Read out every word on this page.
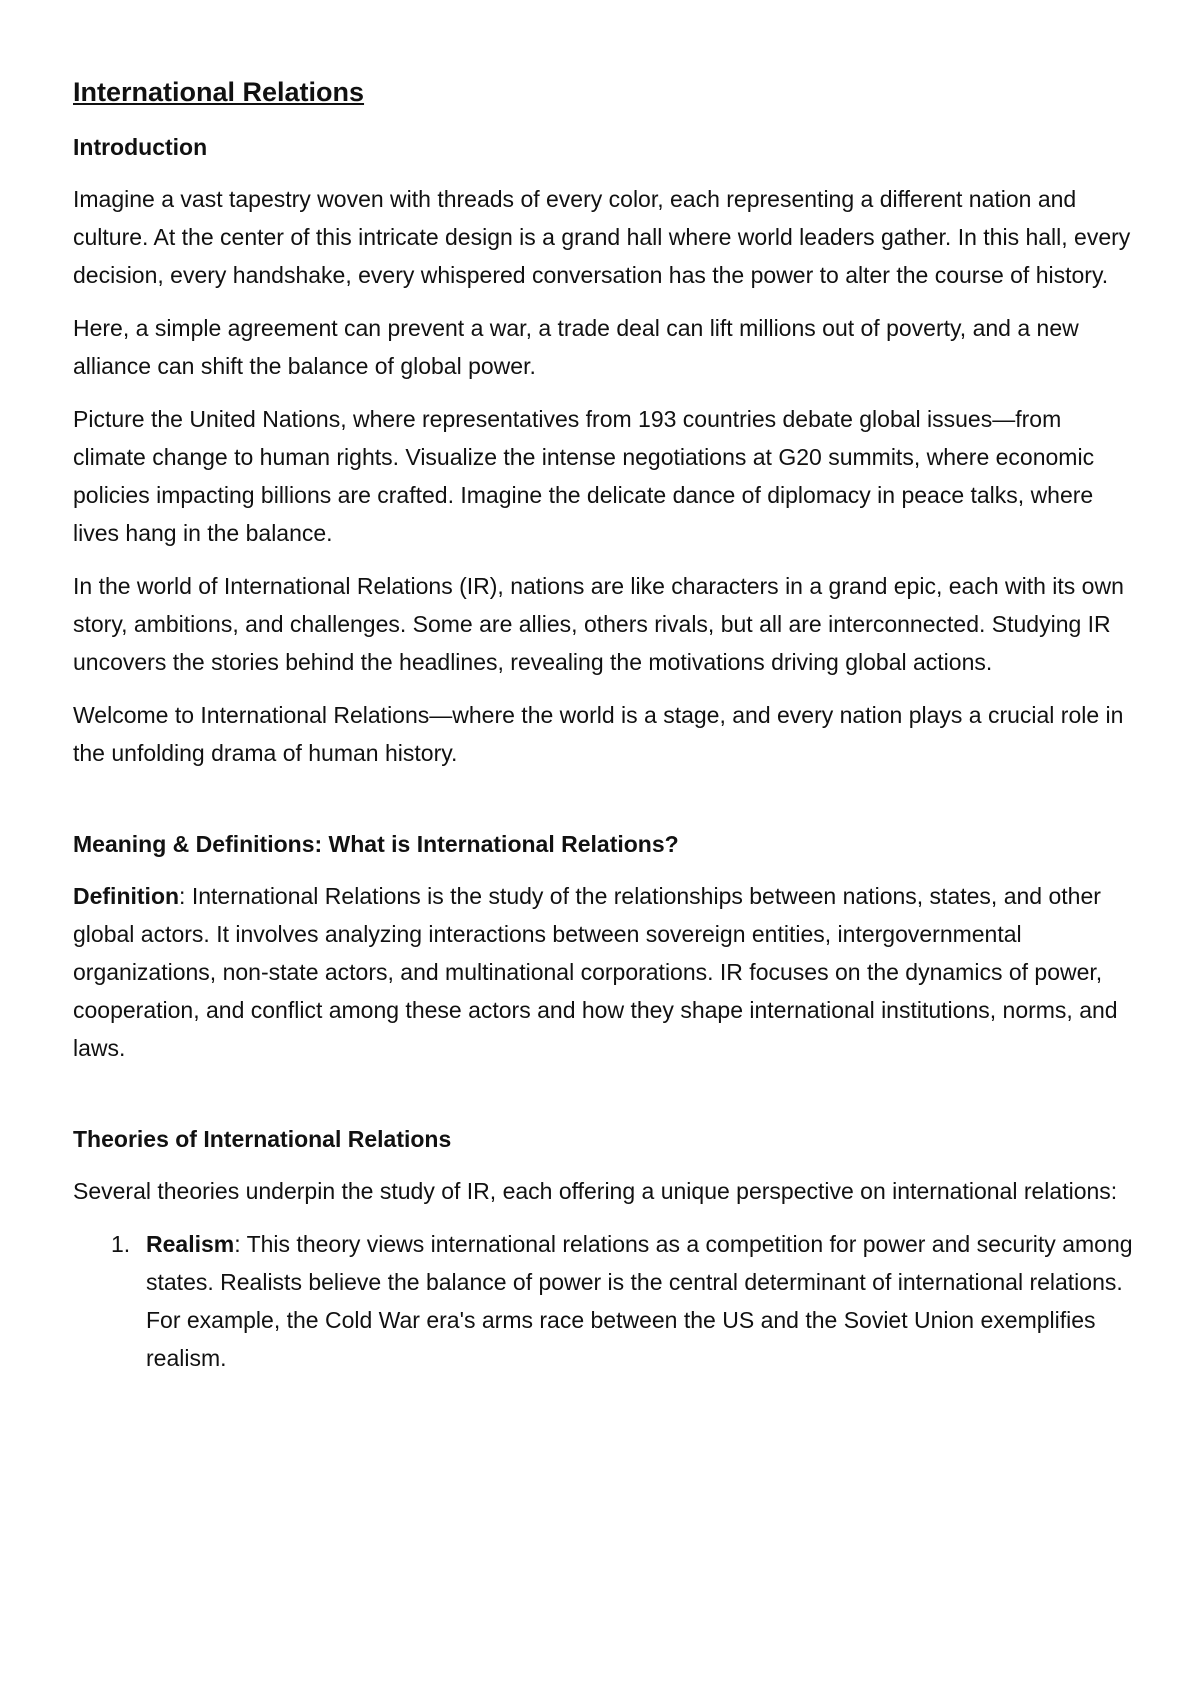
International Relations
Introduction

Imagine a vast tapestry woven with threads of every color, each representing a different nation and culture. At the center of this intricate design is a grand hall where world leaders gather. In this hall, every decision, every handshake, every whispered conversation has the power to alter the course of history.

Here, a simple agreement can prevent a war, a trade deal can lift millions out of poverty, and a new alliance can shift the balance of global power.

Picture the United Nations, where representatives from 193 countries debate global issues—from climate change to human rights. Visualize the intense negotiations at G20 summits, where economic policies impacting billions are crafted. Imagine the delicate dance of diplomacy in peace talks, where lives hang in the balance.

In the world of International Relations (IR), nations are like characters in a grand epic, each with its own story, ambitions, and challenges. Some are allies, others rivals, but all are interconnected. Studying IR uncovers the stories behind the headlines, revealing the motivations driving global actions.

Welcome to International Relations—where the world is a stage, and every nation plays a crucial role in the unfolding drama of human history.

Meaning & Definitions: What is International Relations?

Definition: International Relations is the study of the relationships between nations, states, and other global actors. It involves analyzing interactions between sovereign entities, intergovernmental organizations, non-state actors, and multinational corporations. IR focuses on the dynamics of power, cooperation, and conflict among these actors and how they shape international institutions, norms, and laws.

Theories of International Relations

Several theories underpin the study of IR, each offering a unique perspective on international relations:

1. Realism: This theory views international relations as a competition for power and security among states. Realists believe the balance of power is the central determinant of international relations. For example, the Cold War era's arms race between the US and the Soviet Union exemplifies realism.
